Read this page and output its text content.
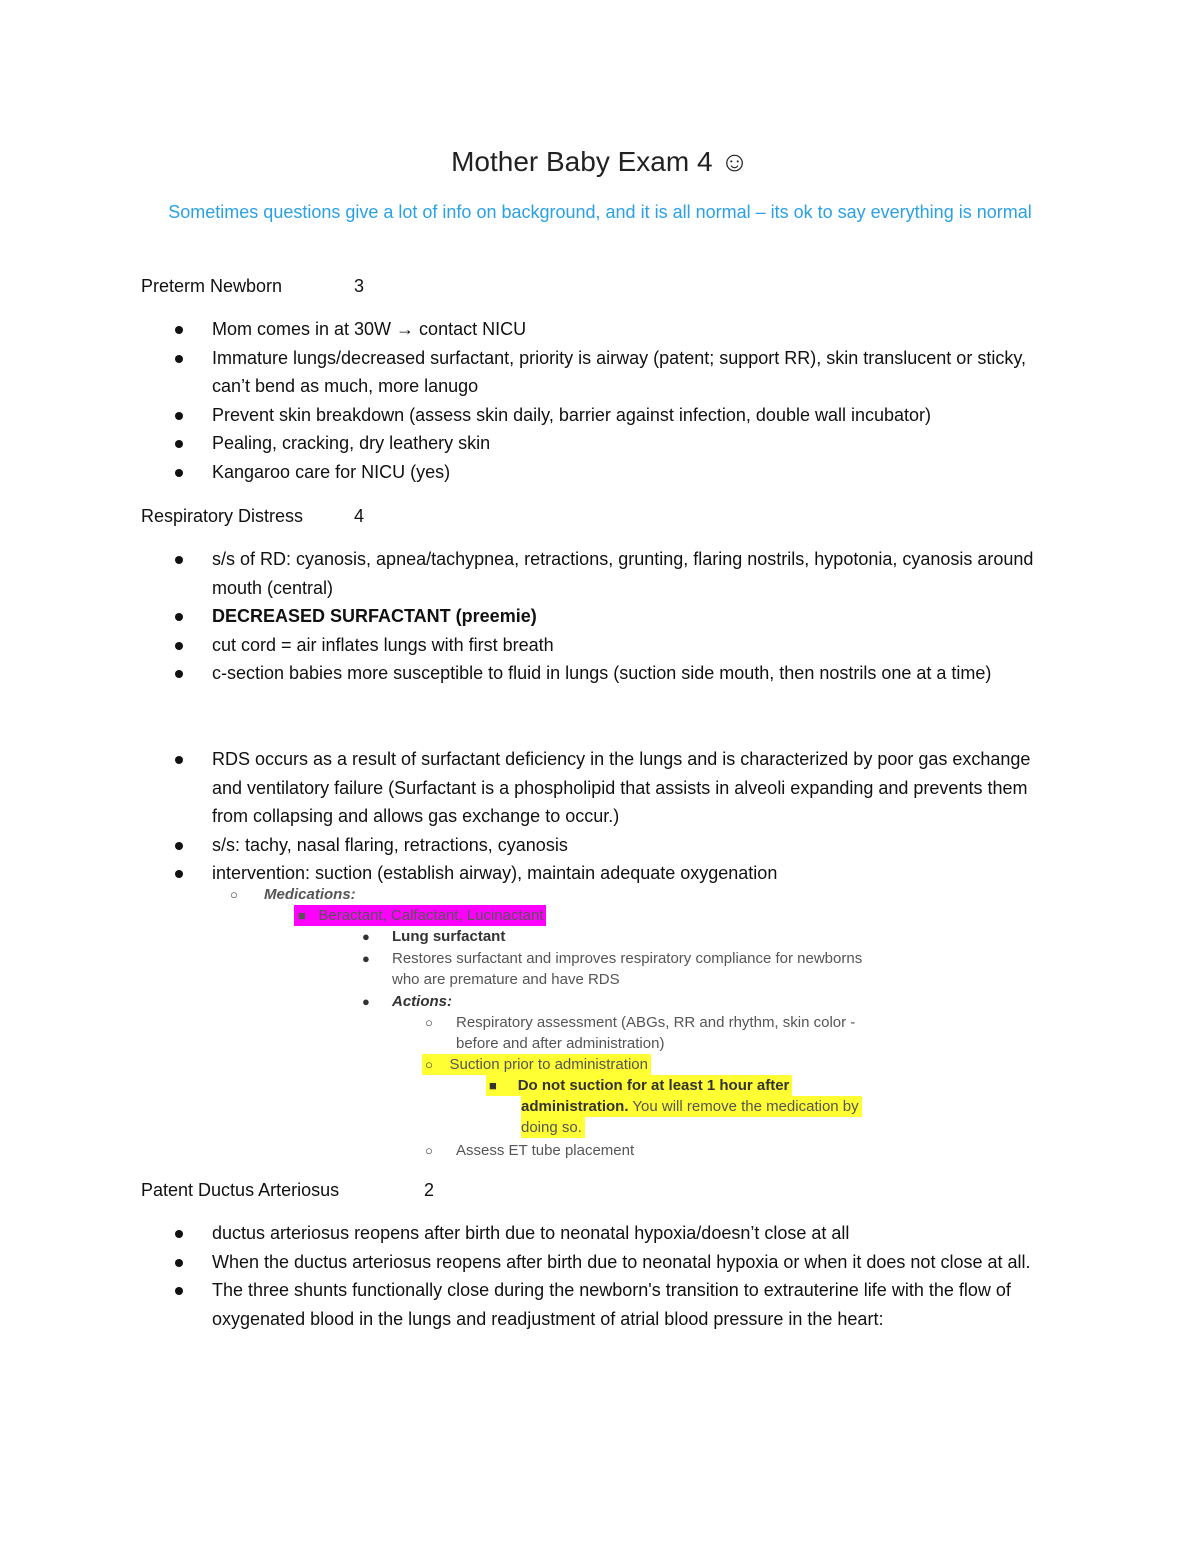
Mother Baby Exam 4 ☺
Sometimes questions give a lot of info on background, and it is all normal – its ok to say everything is normal
Preterm Newborn	3
Mom comes in at 30W → contact NICU
Immature lungs/decreased surfactant, priority is airway (patent; support RR), skin translucent or sticky, can’t bend as much, more lanugo
Prevent skin breakdown (assess skin daily, barrier against infection, double wall incubator)
Pealing, cracking, dry leathery skin
Kangaroo care for NICU (yes)
Respiratory Distress	4
s/s of RD: cyanosis, apnea/tachypnea, retractions, grunting, flaring nostrils, hypotonia, cyanosis around mouth (central)
DECREASED SURFACTANT (preemie)
cut cord = air inflates lungs with first breath
c-section babies more susceptible to fluid in lungs (suction side mouth, then nostrils one at a time)
RDS occurs as a result of surfactant deficiency in the lungs and is characterized by poor gas exchange and ventilatory failure (Surfactant is a phospholipid that assists in alveoli expanding and prevents them from collapsing and allows gas exchange to occur.)
s/s: tachy, nasal flaring, retractions, cyanosis
intervention: suction (establish airway), maintain adequate oxygenation
○ Medications:
■ Beractant, Calfactant, Lucinactant
● Lung surfactant
● Restores surfactant and improves respiratory compliance for newborns
who are premature and have RDS
● Actions:
○ Respiratory assessment (ABGs, RR and rhythm, skin color -
before and after administration)
○ Suction prior to administration
■ Do not suction for at least 1 hour after
administration. You will remove the medication by
doing so.
○ Assess ET tube placement
Patent Ductus Arteriosus	2
ductus arteriosus reopens after birth due to neonatal hypoxia/doesn’t close at all
When the ductus arteriosus reopens after birth due to neonatal hypoxia or when it does not close at all.
The three shunts functionally close during the newborn's transition to extrauterine life with the flow of oxygenated blood in the lungs and readjustment of atrial blood pressure in the heart:
